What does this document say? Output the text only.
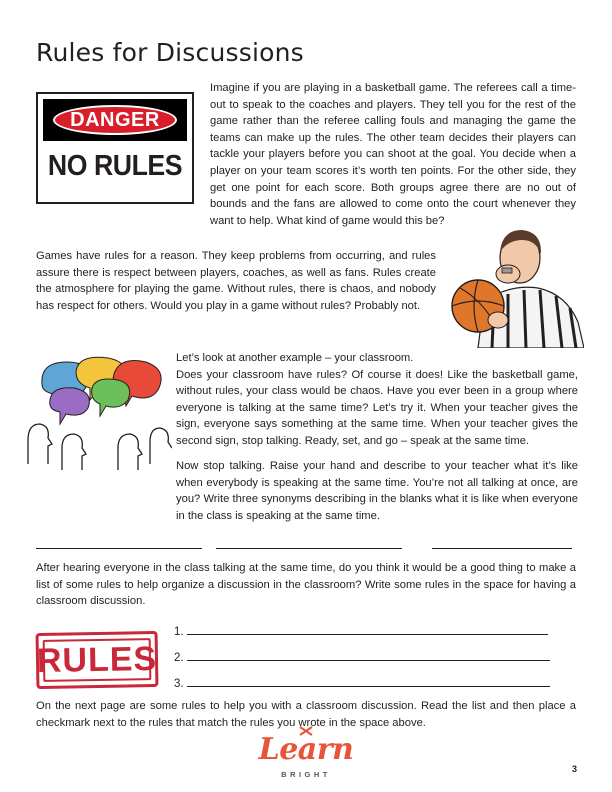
Rules for Discussions
DANGER
NO RULES

Imagine if you are playing in a basketball game. The referees call a time-out to speak to the coaches and players. They tell you for the rest of the game rather than the referee calling fouls and managing the game the teams can make up the rules. The other team decides their players can tackle your players before you can shoot at the goal. You decide when a player on your team scores it’s worth ten points. For the other side, they get one point for each score. Both groups agree there are no out of bounds and the fans are allowed to come onto the court whenever they want to help. What kind of game would this be?

Games have rules for a reason. They keep problems from occurring, and rules assure there is respect between players, coaches, as well as fans. Rules create the atmosphere for playing the game. Without rules, there is chaos, and nobody has respect for others. Would you play in a game without rules? Probably not.

Let’s look at another example – your classroom.

Does your classroom have rules? Of course it does! Like the basketball game, without rules, your class would be chaos. Have you ever been in a group where everyone is talking at the same time? Let’s try it. When your teacher gives the sign, everyone says something at the same time. When your teacher gives the second sign, stop talking. Ready, set, and go – speak at the same time.

Now stop talking. Raise your hand and describe to your teacher what it’s like when everybody is speaking at the same time. You’re not all talking at once, are you? Write three synonyms describing in the blanks what it is like when everyone in the class is speaking at the same time.

After hearing everyone in the class talking at the same time, do you think it would be a good thing to make a list of some rules to help organize a discussion in the classroom? Write some rules in the space for having a classroom discussion.

RULES
1.
2.
3.

On the next page are some rules to help you with a classroom discussion. Read the list and then place a checkmark next to the rules that match the rules you wrote in the space above.

Learn
BRIGHT
3
